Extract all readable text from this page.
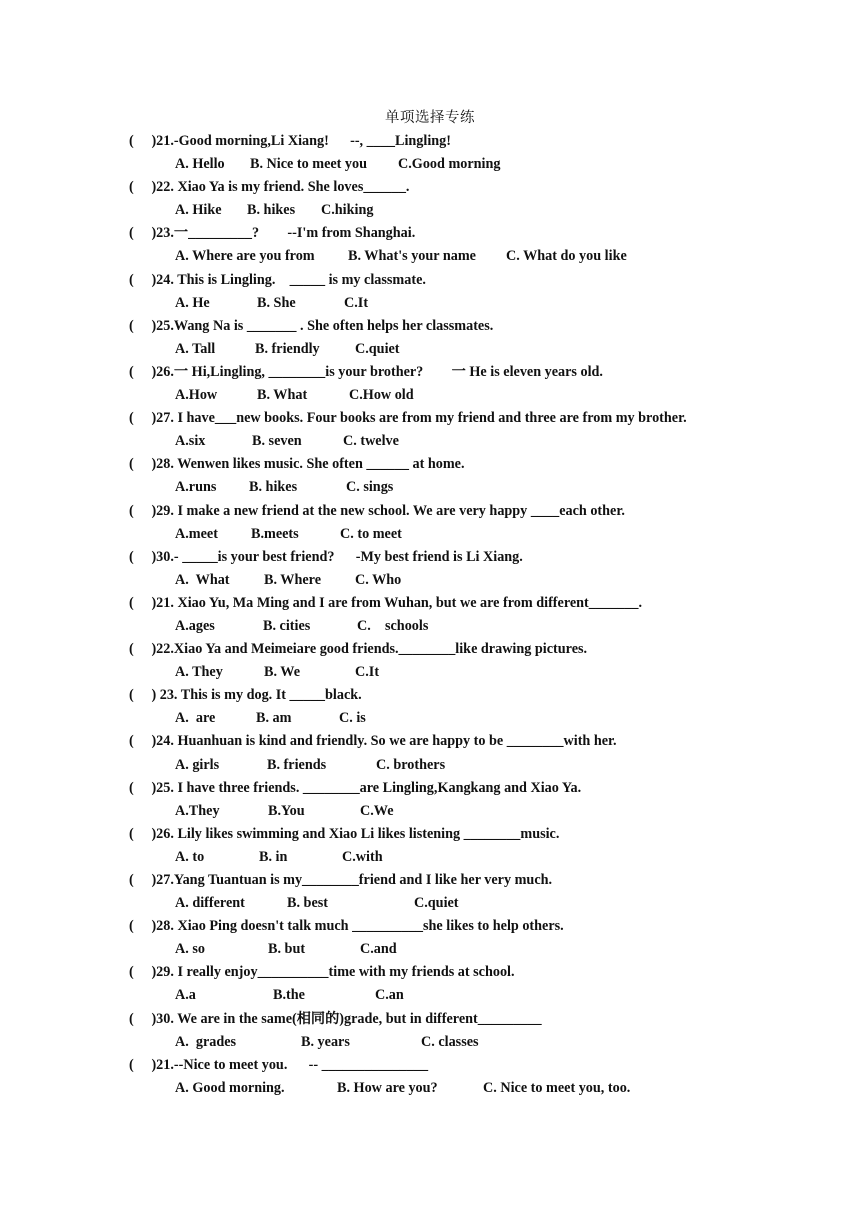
单项选择专练
(     )21.-Good morning,Li Xiang!      --, ____Lingling!
A. Hello B. Nice to meet you C.Good morning
(     )22. Xiao Ya is my friend. She loves______.
A. Hike B. hikes C.hiking
(     )23.一_________?        --I'm from Shanghai.
A. Where are you from B. What's your name C. What do you like
(     )24. This is Lingling.    _____ is my classmate.
A. He	B. She	C.It
(     )25.Wang Na is _______ . She often helps her classmates.
A. Tall	B. friendly C.quiet
(     )26.一 Hi,Lingling, ________is your brother?        一 He is eleven years old.
A.How	B. What	C.How old
(     )27. I have___new books. Four books are from my friend and three are from my brother.
A.six	B. seven	C. twelve
(     )28. Wenwen likes music. She often ______ at home.
A.runs B. hikes	C. sings
(     )29. I make a new friend at the new school. We are very happy ____each other.
A.meet B.meets	C. to meet
(     )30.- _____is your best friend?      -My best friend is Li Xiang.
A.  What B. Where C. Who
(     )21. Xiao Yu, Ma Ming and I are from Wuhan, but we are from different_______.
A.ages	B. cities	C.    schools
(     )22.Xiao Ya and Meimeiare good friends.________like drawing pictures.
A. They	B. We	C.It
(     ) 23. This is my dog. It _____black.
A.  are	B. am	C. is
(     )24. Huanhuan is kind and friendly. So we are happy to be ________with her.
A. girls	B. friends	C. brothers
(     )25. I have three friends. ________are Lingling,Kangkang and Xiao Ya.
A.They	B.You	C.We
(     )26. Lily likes swimming and Xiao Li likes listening ________music.
A. to	B. in	C.with
(     )27.Yang Tuantuan is my________friend and I like her very much.
A. different	B. best	C.quiet
(     )28. Xiao Ping doesn't talk much __________she likes to help others.
A. so	B. but	C.and
(     )29. I really enjoy__________time with my friends at school.
A.a	B.the	C.an
(     )30. We are in the same(相同的)grade, but in different_________
A.  grades	B. years	C. classes
(     )21.--Nice to meet you.      -- _______________
A. Good morning.	B. How are you?	C. Nice to meet you, too.
